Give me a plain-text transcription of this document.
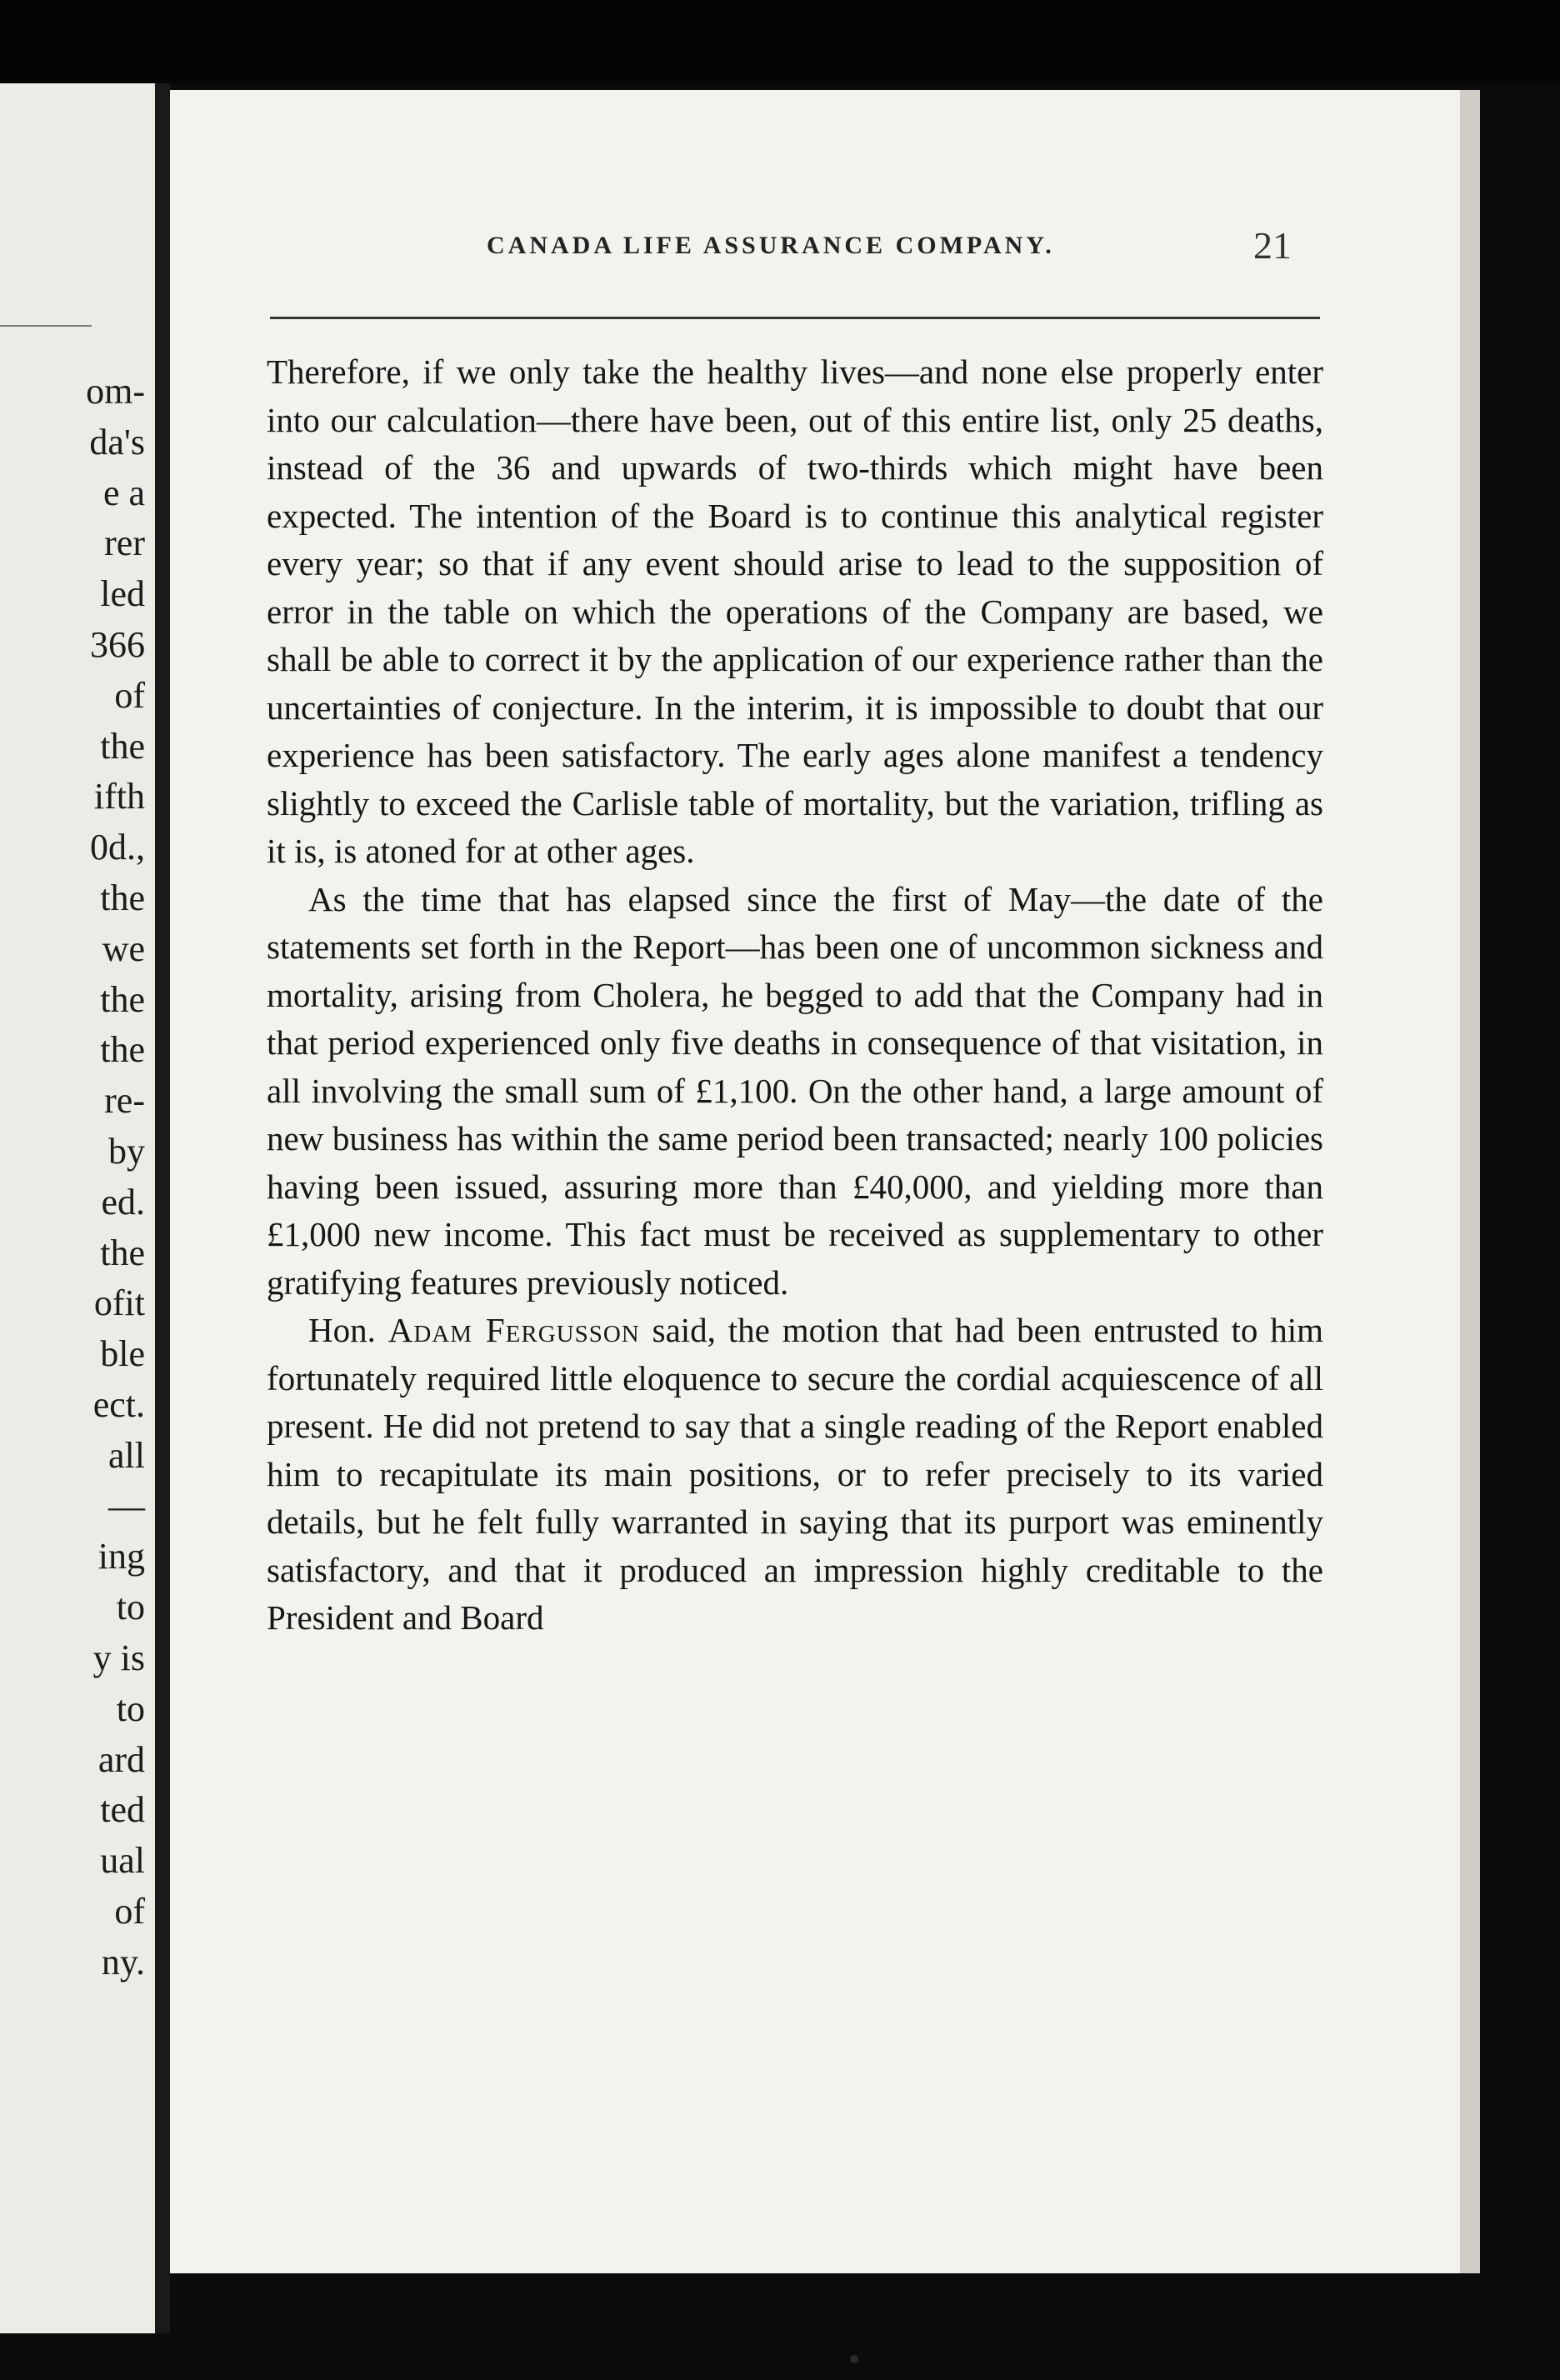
om-
da's
e a
rer
led
366
of
the
ifth
0d.,
the
we
the
the
re-
by
ed.
the
ofit
ble
ect.
all
—
ing
to
y is
to
ard
ted
ual
of
ny.
CANADA LIFE ASSURANCE COMPANY.	21

Therefore, if we only take the healthy lives—and none else properly enter into our calculation—there have been, out of this entire list, only 25 deaths, instead of the 36 and upwards of two-thirds which might have been expected. The intention of the Board is to continue this analytical register every year; so that if any event should arise to lead to the supposition of error in the table on which the operations of the Company are based, we shall be able to correct it by the application of our experience rather than the uncertainties of conjecture. In the interim, it is impossible to doubt that our experience has been satisfactory. The early ages alone manifest a tendency slightly to exceed the Carlisle table of mortality, but the variation, trifling as it is, is atoned for at other ages.

As the time that has elapsed since the first of May—the date of the statements set forth in the Report—has been one of uncommon sickness and mortality, arising from Cholera, he begged to add that the Company had in that period experienced only five deaths in consequence of that visitation, in all involving the small sum of £1,100. On the other hand, a large amount of new business has within the same period been transacted; nearly 100 policies having been issued, assuring more than £40,000, and yielding more than £1,000 new income. This fact must be received as supplementary to other gratifying features previously noticed.

Hon. Adam Fergusson said, the motion that had been entrusted to him fortunately required little eloquence to secure the cordial acquiescence of all present. He did not pretend to say that a single reading of the Report enabled him to recapitulate its main positions, or to refer precisely to its varied details, but he felt fully warranted in saying that its purport was eminently satisfactory, and that it produced an impression highly creditable to the President and Board
